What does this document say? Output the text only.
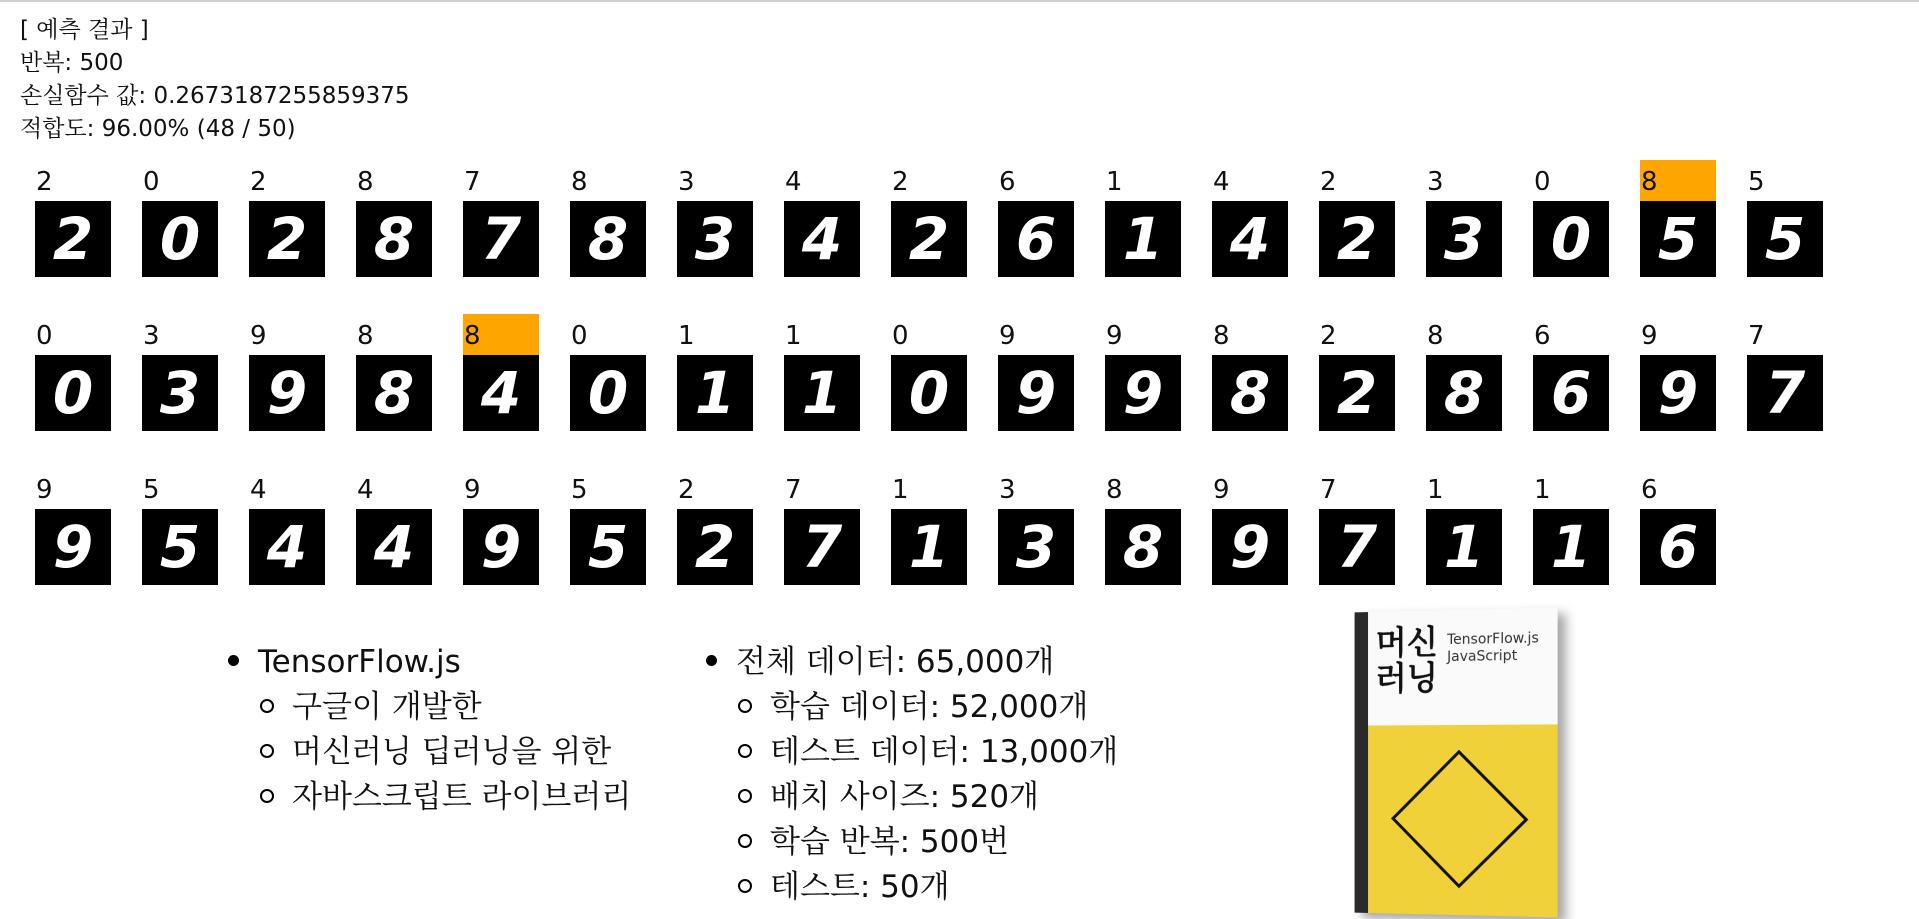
[ 예측 결과 ]
반복: 500
손실함수 값: 0.2673187255859375
적합도: 96.00% (48 / 50)
2
2
0
0
2
2
8
8
7
7
8
8
3
3
4
4
2
2
6
6
1
1
4
4
2
2
3
3
0
0
8
5
5
5
0
0
3
3
9
9
8
8
8
4
0
0
1
1
1
1
0
0
9
9
9
9
8
8
2
2
8
8
6
6
9
9
7
7
9
9
5
5
4
4
4
4
9
9
5
5
2
2
7
7
1
1
3
3
8
8
9
9
7
7
1
1
1
1
6
6
TensorFlow.js
구글이 개발한
머신러닝 딥러닝을 위한
자바스크립트 라이브러리
전체 데이터: 65,000개
학습 데이터: 52,000개
테스트 데이터: 13,000개
배치 사이즈: 520개
학습 반복: 500번
테스트: 50개
머신
러닝
TensorFlow.js
JavaScript
